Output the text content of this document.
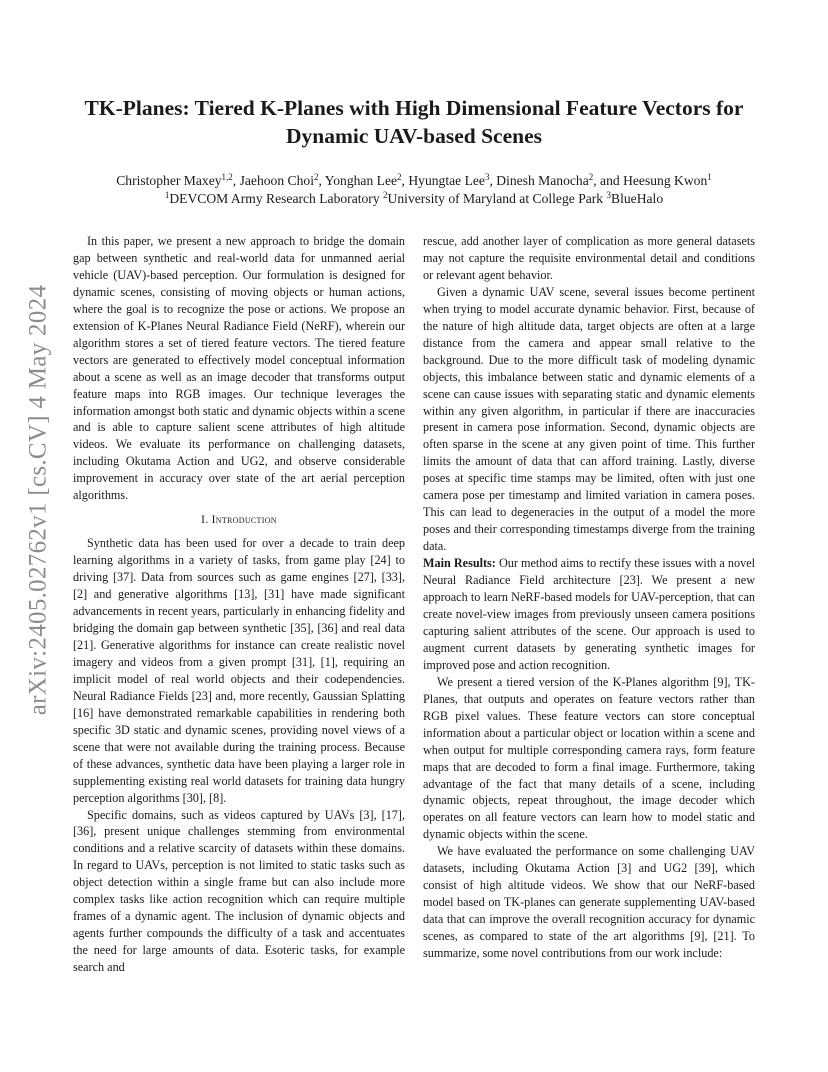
arXiv:2405.02762v1 [cs.CV] 4 May 2024
TK-Planes: Tiered K-Planes with High Dimensional Feature Vectors for Dynamic UAV-based Scenes
Christopher Maxey$^{1,2}$, Jaehoon Choi$^2$, Yonghan Lee$^2$, Hyungtae Lee$^3$, Dinesh Manocha$^2$, and Heesung Kwon$^1$
$^1$DEVCOM Army Research Laboratory $^2$University of Maryland at College Park $^3$BlueHalo

In this paper, we present a new approach to bridge the domain gap between synthetic and real-world data for unmanned aerial vehicle (UAV)-based perception. Our formulation is designed for dynamic scenes, consisting of moving objects or human actions, where the goal is to recognize the pose or actions. We propose an extension of K-Planes Neural Radiance Field (NeRF), wherein our algorithm stores a set of tiered feature vectors. The tiered feature vectors are generated to effectively model conceptual information about a scene as well as an image decoder that transforms output feature maps into RGB images. Our technique leverages the information amongst both static and dynamic objects within a scene and is able to capture salient scene attributes of high altitude videos. We evaluate its performance on challenging datasets, including Okutama Action and UG2, and observe considerable improvement in accuracy over state of the art aerial perception algorithms.

I. Introduction

Synthetic data has been used for over a decade to train deep learning algorithms in a variety of tasks, from game play [24] to driving [37]. Data from sources such as game engines [27], [33], [2] and generative algorithms [13], [31] have made significant advancements in recent years, particularly in enhancing fidelity and bridging the domain gap between synthetic [35], [36] and real data [21]. Generative algorithms for instance can create realistic novel imagery and videos from a given prompt [31], [1], requiring an implicit model of real world objects and their codependencies. Neural Radiance Fields [23] and, more recently, Gaussian Splatting [16] have demonstrated remarkable capabilities in rendering both specific 3D static and dynamic scenes, providing novel views of a scene that were not available during the training process. Because of these advances, synthetic data have been playing a larger role in supplementing existing real world datasets for training data hungry perception algorithms [30], [8].

Specific domains, such as videos captured by UAVs [3], [17], [36], present unique challenges stemming from environmental conditions and a relative scarcity of datasets within these domains. In regard to UAVs, perception is not limited to static tasks such as object detection within a single frame but can also include more complex tasks like action recognition which can require multiple frames of a dynamic agent. The inclusion of dynamic objects and agents further compounds the difficulty of a task and accentuates the need for large amounts of data. Esoteric tasks, for example search and

rescue, add another layer of complication as more general datasets may not capture the requisite environmental detail and conditions or relevant agent behavior.

Given a dynamic UAV scene, several issues become pertinent when trying to model accurate dynamic behavior. First, because of the nature of high altitude data, target objects are often at a large distance from the camera and appear small relative to the background. Due to the more difficult task of modeling dynamic objects, this imbalance between static and dynamic elements of a scene can cause issues with separating static and dynamic elements within any given algorithm, in particular if there are inaccuracies present in camera pose information. Second, dynamic objects are often sparse in the scene at any given point of time. This further limits the amount of data that can afford training. Lastly, diverse poses at specific time stamps may be limited, often with just one camera pose per timestamp and limited variation in camera poses. This can lead to degeneracies in the output of a model the more poses and their corresponding timestamps diverge from the training data.

Main Results: Our method aims to rectify these issues with a novel Neural Radiance Field architecture [23]. We present a new approach to learn NeRF-based models for UAV-perception, that can create novel-view images from previously unseen camera positions capturing salient attributes of the scene. Our approach is used to augment current datasets by generating synthetic images for improved pose and action recognition.

We present a tiered version of the K-Planes algorithm [9], TK-Planes, that outputs and operates on feature vectors rather than RGB pixel values. These feature vectors can store conceptual information about a particular object or location within a scene and when output for multiple corresponding camera rays, form feature maps that are decoded to form a final image. Furthermore, taking advantage of the fact that many details of a scene, including dynamic objects, repeat throughout, the image decoder which operates on all feature vectors can learn how to model static and dynamic objects within the scene.

We have evaluated the performance on some challenging UAV datasets, including Okutama Action [3] and UG2 [39], which consist of high altitude videos. We show that our NeRF-based model based on TK-planes can generate supplementing UAV-based data that can improve the overall recognition accuracy for dynamic scenes, as compared to state of the art algorithms [9], [21]. To summarize, some novel contributions from our work include:
